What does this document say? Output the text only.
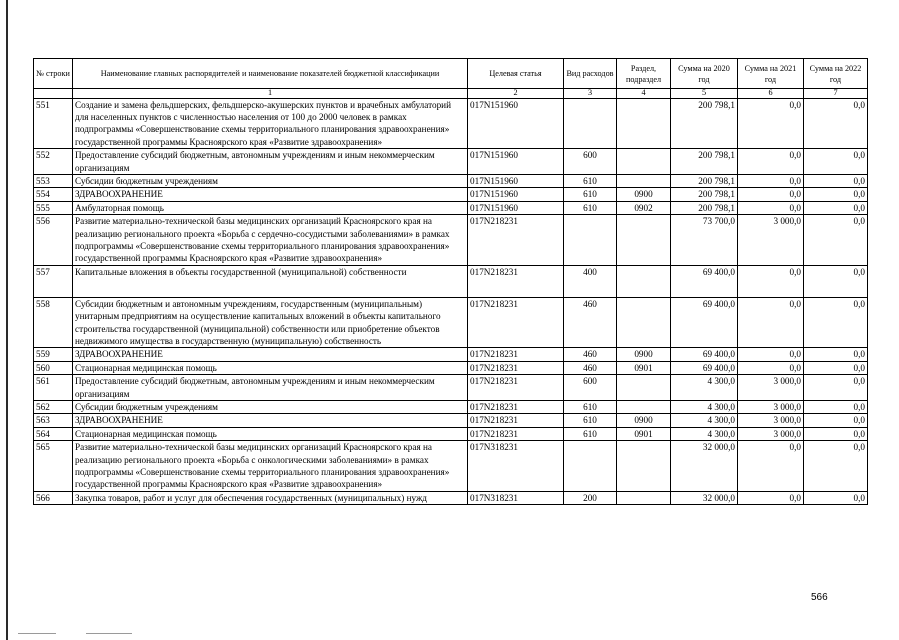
№ строки	Наименование главных распорядителей и наименование показателей бюджетной классификации	Целевая статья	Вид расходов	Раздел, подраздел	Сумма на 2020 год	Сумма на 2021 год	Сумма на 2022 год
	1	2	3	4	5	6	7
551	Создание и замена фельдшерских, фельдшерско-акушерских пунктов и врачебных амбулаторий для населенных пунктов с численностью населения от 100 до 2000 человек в рамках подпрограммы «Совершенствование схемы территориального планирования здравоохранения» государственной программы Красноярского края «Развитие здравоохранения»	017N151960			200 798,1	0,0	0,0
552	Предоставление субсидий бюджетным, автономным учреждениям и иным некоммерческим организациям	017N151960	600		200 798,1	0,0	0,0
553	Субсидии бюджетным учреждениям	017N151960	610		200 798,1	0,0	0,0
554	ЗДРАВООХРАНЕНИЕ	017N151960	610	0900	200 798,1	0,0	0,0
555	Амбулаторная помощь	017N151960	610	0902	200 798,1	0,0	0,0
556	Развитие материально-технической базы медицинских организаций Красноярского края на реализацию регионального проекта «Борьба с сердечно-сосудистыми заболеваниями» в рамках подпрограммы «Совершенствование схемы территориального планирования здравоохранения» государственной программы Красноярского края «Развитие здравоохранения»	017N218231			73 700,0	3 000,0	0,0
557	Капитальные вложения в объекты государственной (муниципальной) собственности	017N218231	400		69 400,0	0,0	0,0
558	Субсидии бюджетным и автономным учреждениям, государственным (муниципальным) унитарным предприятиям на осуществление капитальных вложений в объекты капитального строительства государственной (муниципальной) собственности или приобретение объектов недвижимого имущества в государственную (муниципальную) собственность	017N218231	460		69 400,0	0,0	0,0
559	ЗДРАВООХРАНЕНИЕ	017N218231	460	0900	69 400,0	0,0	0,0
560	Стационарная медицинская помощь	017N218231	460	0901	69 400,0	0,0	0,0
561	Предоставление субсидий бюджетным, автономным учреждениям и иным некоммерческим организациям	017N218231	600		4 300,0	3 000,0	0,0
562	Субсидии бюджетным учреждениям	017N218231	610		4 300,0	3 000,0	0,0
563	ЗДРАВООХРАНЕНИЕ	017N218231	610	0900	4 300,0	3 000,0	0,0
564	Стационарная медицинская помощь	017N218231	610	0901	4 300,0	3 000,0	0,0
565	Развитие материально-технической базы медицинских организаций Красноярского края на реализацию регионального проекта «Борьба с онкологическими заболеваниями» в рамках подпрограммы «Совершенствование схемы территориального планирования здравоохранения» государственной программы Красноярского края «Развитие здравоохранения»	017N318231			32 000,0	0,0	0,0
566	Закупка товаров, работ и услуг для обеспечения государственных (муниципальных) нужд	017N318231	200		32 000,0	0,0	0,0
566
